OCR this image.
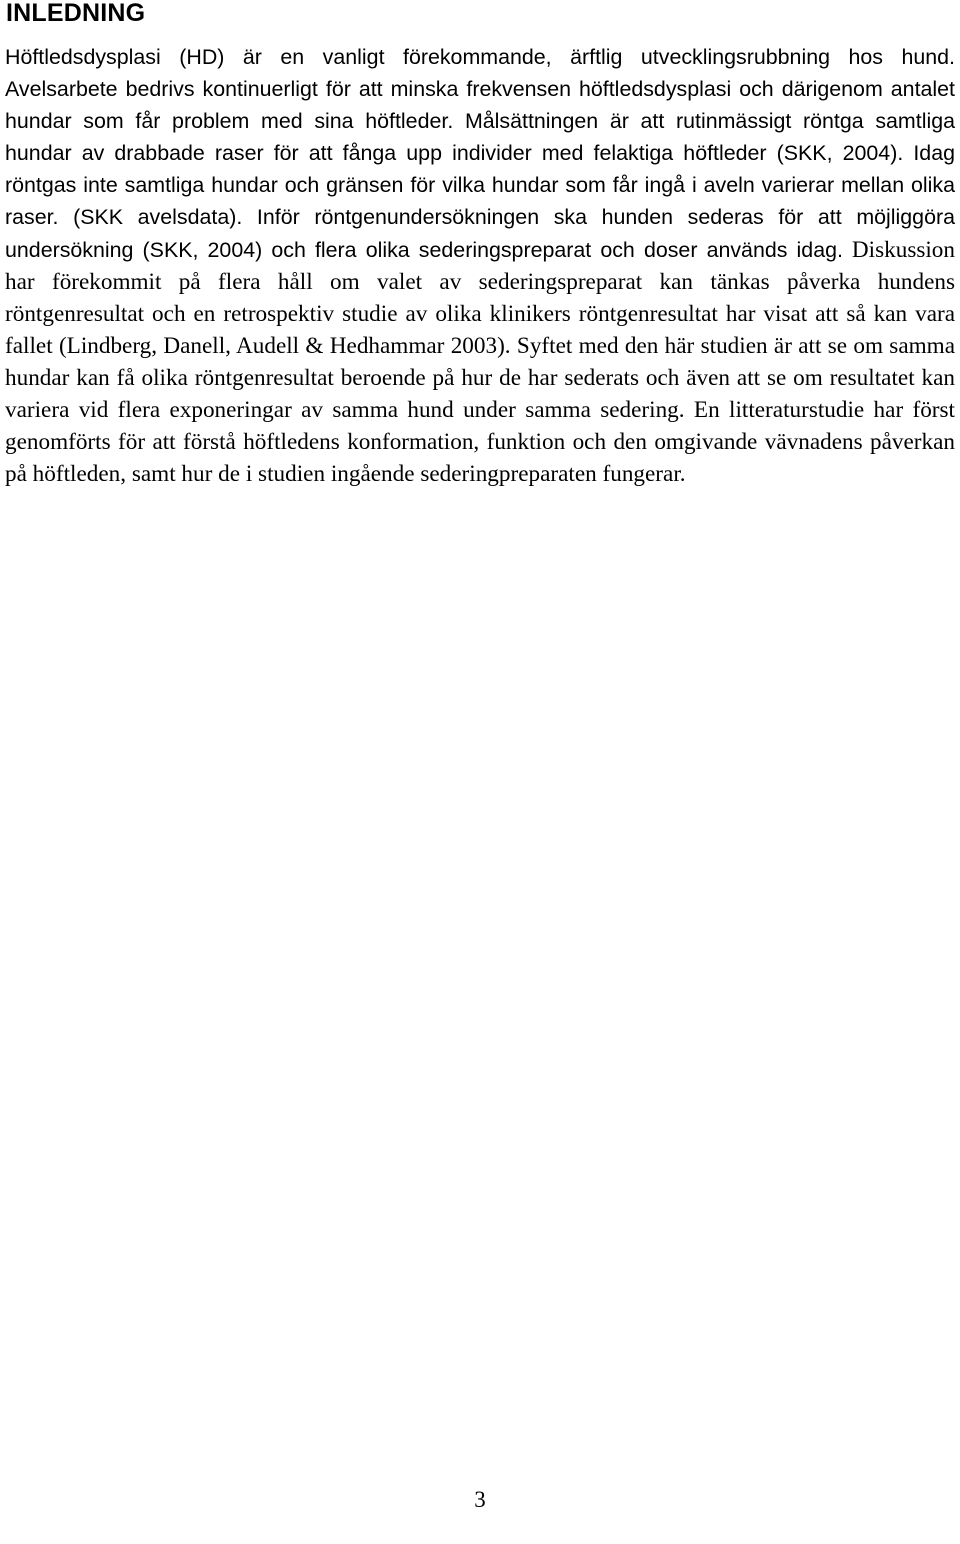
INLEDNING

Höftledsdysplasi (HD) är en vanligt förekommande, ärftlig utvecklingsrubbning hos hund. Avelsarbete bedrivs kontinuerligt för att minska frekvensen höftledsdysplasi och därigenom antalet hundar som får problem med sina höftleder. Målsättningen är att rutinmässigt röntga samtliga hundar av drabbade raser för att fånga upp individer med felaktiga höftleder (SKK, 2004). Idag röntgas inte samtliga hundar och gränsen för vilka hundar som får ingå i aveln varierar mellan olika raser. (SKK avelsdata). Inför röntgenundersökningen ska hunden sederas för att möjliggöra undersökning (SKK, 2004) och flera olika sederingspreparat och doser används idag. Diskussion har förekommit på flera håll om valet av sederingspreparat kan tänkas påverka hundens röntgenresultat och en retrospektiv studie av olika klinikers röntgenresultat har visat att så kan vara fallet (Lindberg, Danell, Audell & Hedhammar 2003). Syftet med den här studien är att se om samma hundar kan få olika röntgenresultat beroende på hur de har sederats och även att se om resultatet kan variera vid flera exponeringar av samma hund under samma sedering. En litteraturstudie har först genomförts för att förstå höftledens konformation, funktion och den omgivande vävnadens påverkan på höftleden, samt hur de i studien ingående sederingpreparaten fungerar.

3
